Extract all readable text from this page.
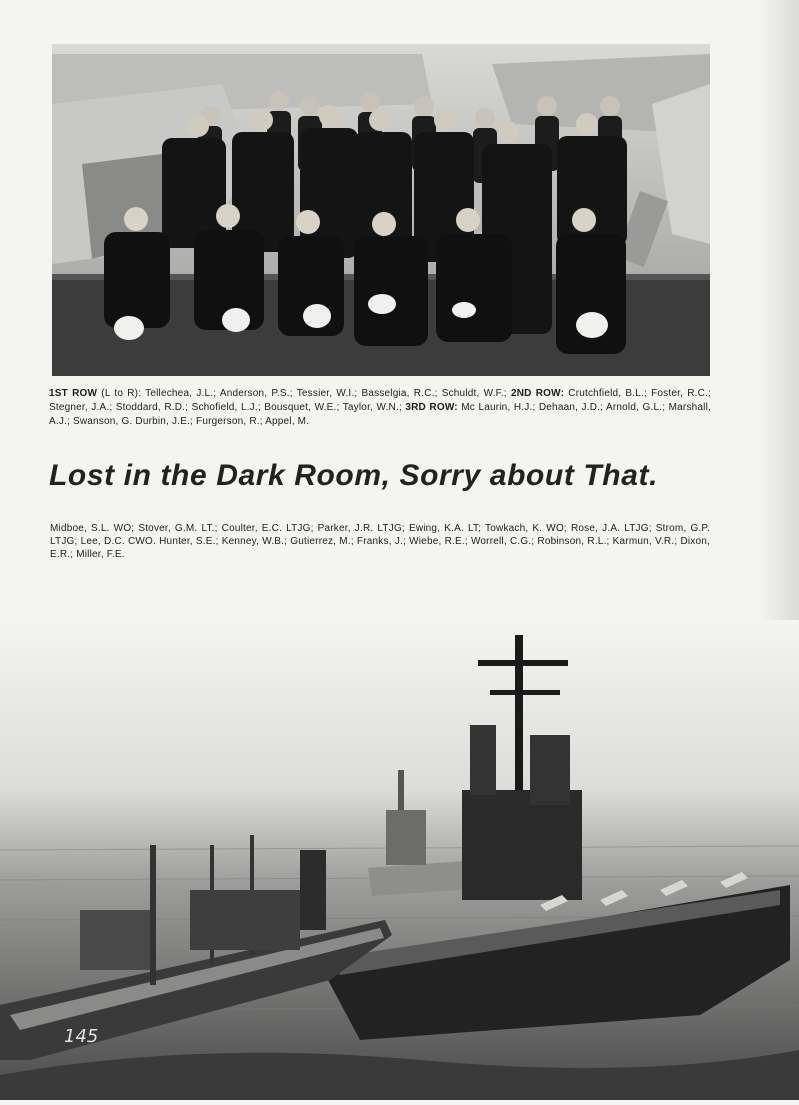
1ST ROW (L to R): Tellechea, J.L.; Anderson, P.S.; Tessier, W.I.; Basselgia, R.C.; Schuldt, W.F.; 2ND ROW: Crutchfield, B.L.; Foster, R.C.; Stegner, J.A.; Stoddard, R.D.; Schofield, L.J.; Bousquet, W.E.; Taylor, W.N.; 3RD ROW: Mc Laurin, H.J.; Dehaan, J.D.; Arnold, G.L.; Marshall, A.J.; Swanson, G. Durbin, J.E.; Furgerson, R.; Appel, M.

Lost in the Dark Room, Sorry about That.

Midboe, S.L. WO; Stover, G.M. LT.; Coulter, E.C. LTJG; Parker, J.R. LTJG; Ewing, K.A. LT; Towkach, K. WO; Rose, J.A. LTJG; Strom, G.P. LTJG; Lee, D.C. CWO. Hunter, S.E.; Kenney, W.B.; Gutierrez, M.; Franks, J.; Wiebe, R.E.; Worrell, C.G.; Robinson, R.L.; Karmun, V.R.; Dixon, E.R.; Miller, F.E.

145
